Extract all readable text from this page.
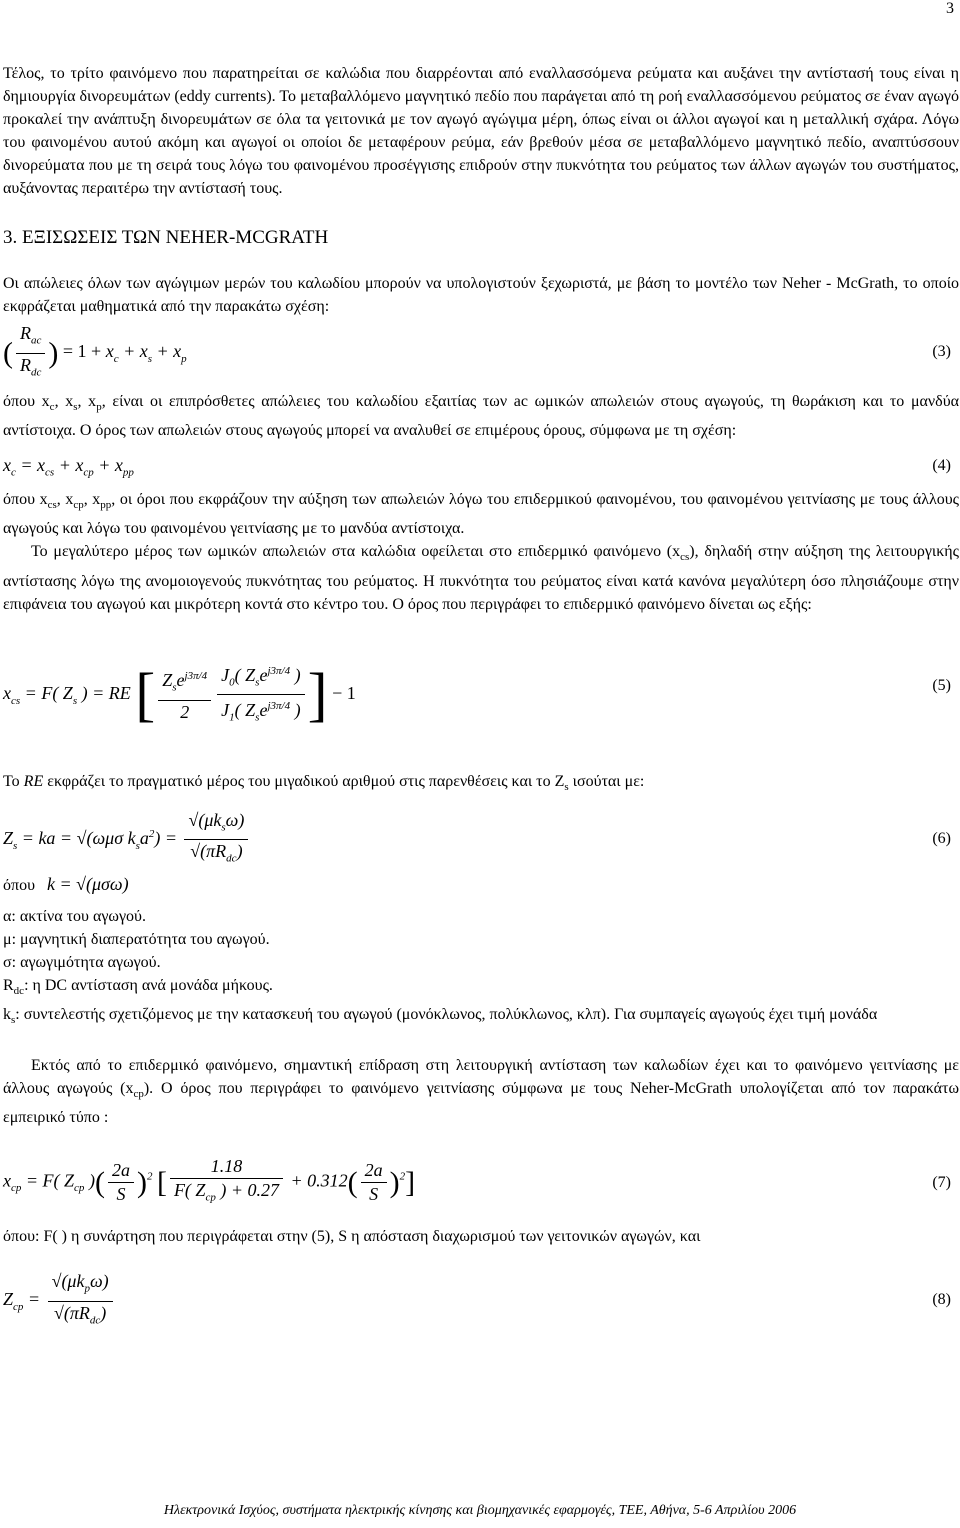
3

Τέλος, το τρίτο φαινόμενο που παρατηρείται σε καλώδια που διαρρέονται από εναλλασσόμενα ρεύματα και αυξάνει την αντίστασή τους είναι η δημιουργία δινορευμάτων (eddy currents). Το μεταβαλλόμενο μαγνητικό πεδίο που παράγεται από τη ροή εναλλασσόμενου ρεύματος σε έναν αγωγό προκαλεί την ανάπτυξη δινορευμάτων σε όλα τα γειτονικά με τον αγωγό αγώγιμα μέρη, όπως είναι οι άλλοι αγωγοί και η μεταλλική σχάρα. Λόγω του φαινομένου αυτού ακόμη και αγωγοί οι οποίοι δε μεταφέρουν ρεύμα, εάν βρεθούν μέσα σε μεταβαλλόμενο μαγνητικό πεδίο, αναπτύσσουν δινορεύματα που με τη σειρά τους λόγω του φαινομένου προσέγγισης επιδρούν στην πυκνότητα του ρεύματος των άλλων αγωγών του συστήματος, αυξάνοντας περαιτέρω την αντίστασή τους.

3. ΕΞΙΣΩΣΕΙΣ ΤΩΝ NEHER-MCGRATH

Οι απώλειες όλων των αγώγιμων μερών του καλωδίου μπορούν να υπολογιστούν ξεχωριστά, με βάση το μοντέλο των Neher - McGrath, το οποίο εκφράζεται μαθηματικά από την παρακάτω σχέση:

( $\frac{R_{ac}}{R_{dc}}$ ) = $1 + x_c + x_s + x_p$	(3)

όπου $x_c$, $x_s$, $x_p$, είναι οι επιπρόσθετες απώλειες του καλωδίου εξαιτίας των ac ωμικών απωλειών στους αγωγούς, τη θωράκιση και το μανδύα αντίστοιχα. Ο όρος των απωλειών στους αγωγούς μπορεί να αναλυθεί σε επιμέρους όρους, σύμφωνα με τη σχέση:

$x_c = x_{cs} + x_{cp} + x_{pp}$	(4)

όπου $x_{cs}$, $x_{cp}$, $x_{pp}$, οι όροι που εκφράζουν την αύξηση των απωλειών λόγω του επιδερμικού φαινομένου, του φαινομένου γειτνίασης με τους άλλους αγωγούς και λόγω του φαινομένου γειτνίασης με το μανδύα αντίστοιχα.

Το μεγαλύτερο μέρος των ωμικών απωλειών στα καλώδια οφείλεται στο επιδερμικό φαινόμενο $(x_{cs})$, δηλαδή στην αύξηση της λειτουργικής αντίστασης λόγω της ανομοιογενούς πυκνότητας του ρεύματος. Η πυκνότητα του ρεύματος είναι κατά κανόνα μεγαλύτερη όσο πλησιάζουμε στην επιφάνεια του αγωγού και μικρότερη κοντά στο κέντρο του. Ο όρος που περιγράφει το επιδερμικό φαινόμενο δίνεται ως εξής:

$x_{cs} = F$( $Z_s$ ) = RE [ $\frac{Z_se^{j3\pi/4}}{2} \frac{J_0( Z_se^{j3\pi/4} )}{J_1( Z_se^{j3\pi/4} )}$ ] − 1	(5)

Το RE εκφράζει το πραγματικό μέρος του μιγαδικού αριθμού στις παρενθέσεις και το $Z_s$ ισούται με:

$Z_s$ = ka = √(ωμσ $k_sa^2) = \frac{√(\mu k_s\omega)}{√(\pi R_{dc})}$	(6)

όπου k = √(μσω)

α: ακτίνα του αγωγού.

μ: μαγνητική διαπερατότητα του αγωγού.

σ: αγωγιμότητα αγωγού.

$R_{dc}$: η DC αντίσταση ανά μονάδα μήκους.

$k_s$: συντελεστής σχετιζόμενος με την κατασκευή του αγωγού (μονόκλωνος, πολύκλωνος, κλπ). Για συμπαγείς αγωγούς έχει τιμή μονάδα

Εκτός από το επιδερμικό φαινόμενο, σημαντική επίδραση στη λειτουργική αντίσταση των καλωδίων έχει και το φαινόμενο γειτνίασης με άλλους αγωγούς $(x_{cp})$. Ο όρος που περιγράφει το φαινόμενο γειτνίασης σύμφωνα με τους Neher-McGrath υπολογίζεται από τον παρακάτω εμπειρικό τύπο :

$x_{cp} = F$( $Z_{cp}$ )( $\frac{2a}{S} )^2$ [ $\frac{1.18}{F( Z_{cp} ) + 0.27} + 0.312( \frac{2a}{S} )^2$]	(7)

όπου: F( ) η συνάρτηση που περιγράφεται στην (5), S η απόσταση διαχωρισμού των γειτονικών αγωγών, και

$Z_{cp} = \frac{√(\mu k_p\omega)}{√(\pi R_{dc})}$	(8)
Ηλεκτρονικά Ισχύος, συστήματα ηλεκτρικής κίνησης και βιομηχανικές εφαρμογές, ΤΕΕ, Αθήνα, 5-6 Απριλίου 2006
